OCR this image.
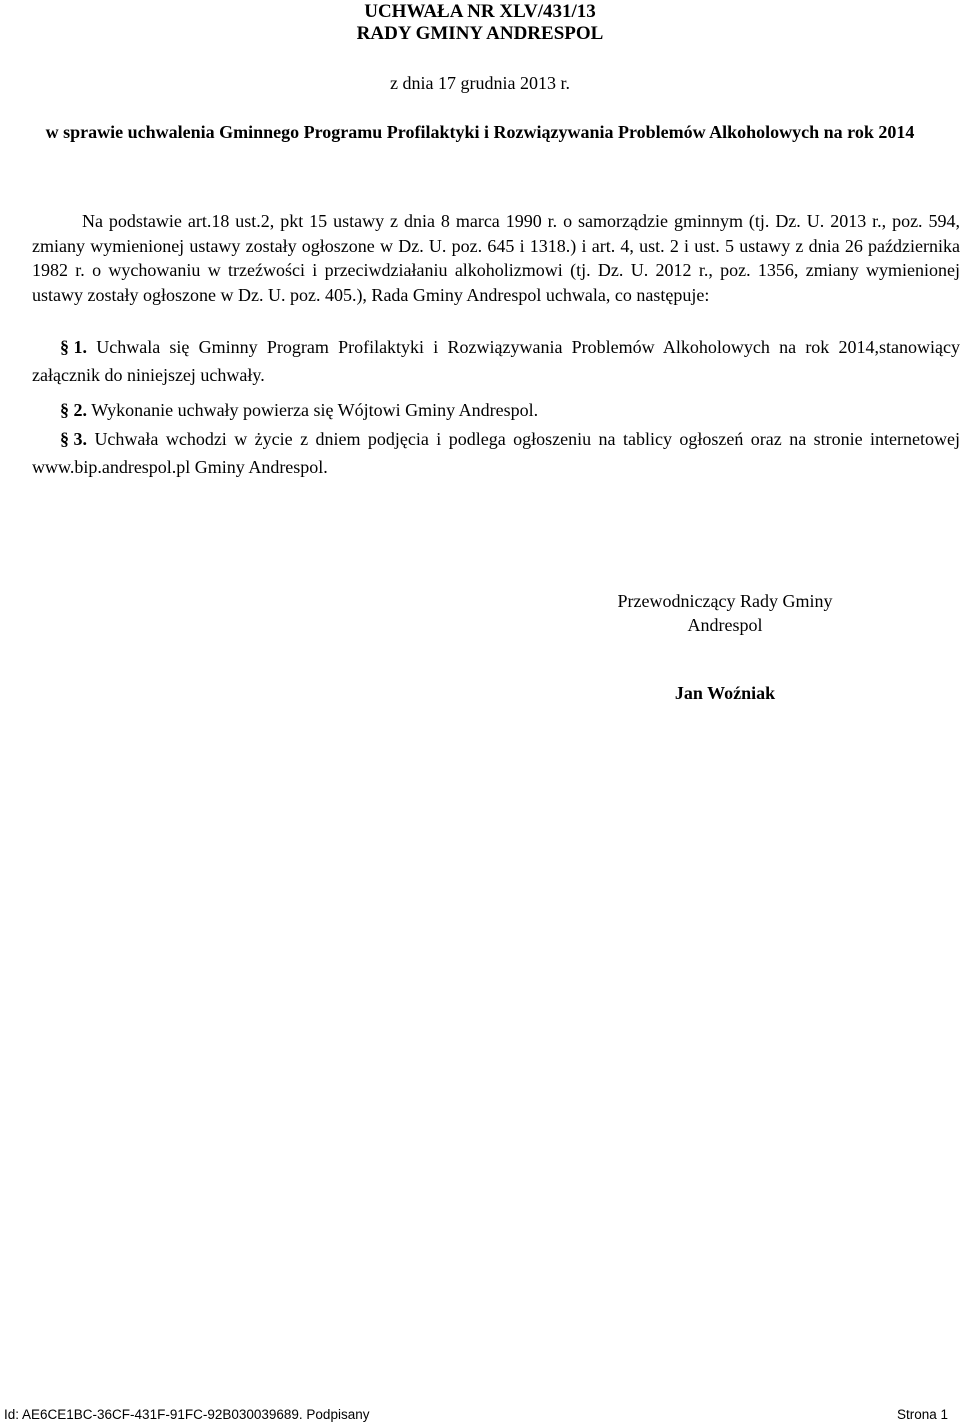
UCHWAŁA NR XLV/431/13
RADY GMINY ANDRESPOL
z dnia 17 grudnia 2013 r.
w sprawie uchwalenia Gminnego Programu Profilaktyki i Rozwiązywania Problemów Alkoholowych na rok 2014
Na podstawie art.18 ust.2, pkt 15 ustawy z dnia 8 marca 1990 r. o samorządzie gminnym (tj. Dz. U. 2013 r., poz. 594, zmiany wymienionej ustawy zostały ogłoszone w Dz. U. poz. 645 i 1318.) i art. 4, ust. 2 i ust. 5 ustawy z dnia 26 października 1982 r. o wychowaniu w trzeźwości i przeciwdziałaniu alkoholizmowi (tj. Dz. U. 2012 r., poz. 1356, zmiany wymienionej ustawy zostały ogłoszone w Dz. U. poz. 405.), Rada Gminy Andrespol uchwala, co następuje:
§ 1. Uchwala się Gminny Program Profilaktyki i Rozwiązywania Problemów Alkoholowych na rok 2014,stanowiący załącznik do niniejszej uchwały.
§ 2. Wykonanie uchwały powierza się Wójtowi Gminy Andrespol.
§ 3. Uchwała wchodzi w życie z dniem podjęcia i podlega ogłoszeniu na tablicy ogłoszeń oraz na stronie internetowej www.bip.andrespol.pl Gminy Andrespol.
Przewodniczący Rady Gminy
Andrespol
Jan Woźniak
Id: AE6CE1BC-36CF-431F-91FC-92B030039689. Podpisany	Strona 1
